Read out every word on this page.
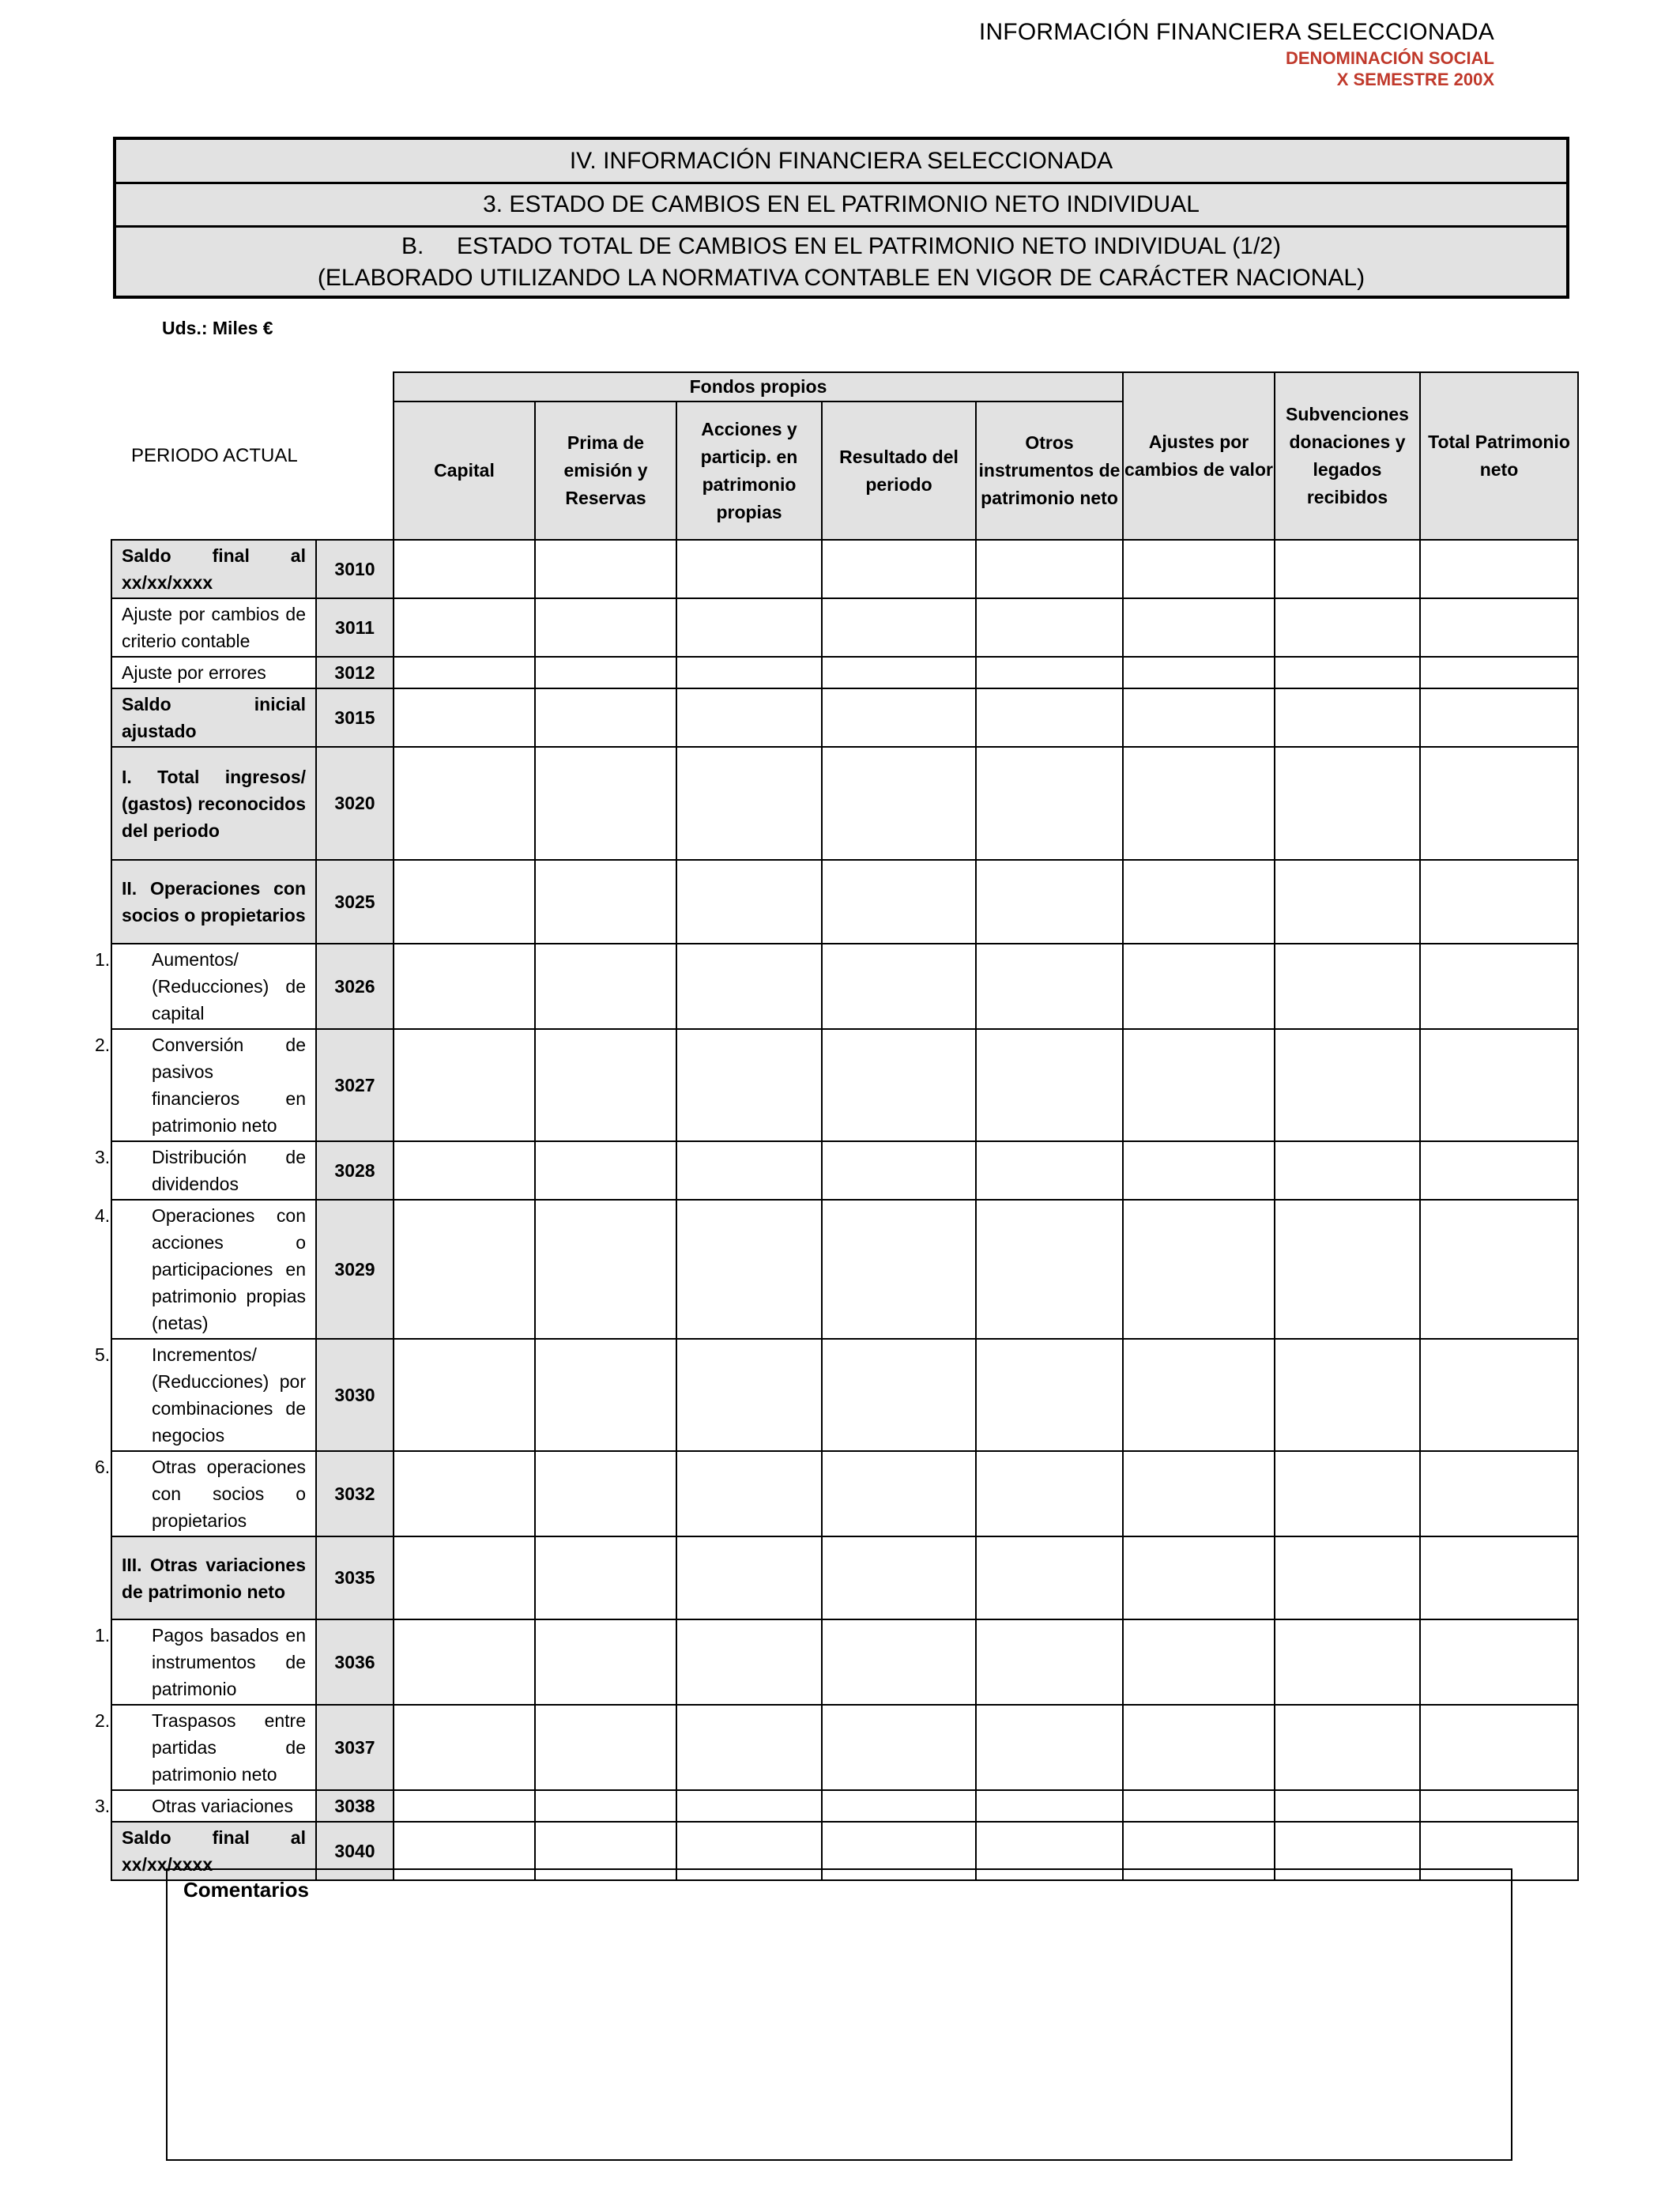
INFORMACIÓN FINANCIERA SELECCIONADA
DENOMINACIÓN SOCIAL
X SEMESTRE 200X
IV. INFORMACIÓN FINANCIERA SELECCIONADA
3. ESTADO DE CAMBIOS EN EL PATRIMONIO NETO INDIVIDUAL
B. ESTADO TOTAL DE CAMBIOS EN EL PATRIMONIO NETO INDIVIDUAL (1/2)
(ELABORADO UTILIZANDO LA NORMATIVA CONTABLE EN VIGOR DE CARÁCTER NACIONAL)
Uds.: Miles €
PERIODO ACTUAL		Fondos propios					Ajustes por cambios de valor	Subvenciones donaciones y legados recibidos	Total Patrimonio neto
		Capital	Prima de emisión y Reservas	Acciones y particip. en patrimonio propias	Resultado del periodo	Otros instrumentos de patrimonio neto			
Saldo final al xx/xx/xxxx	3010								
Ajuste por cambios de criterio contable	3011								
Ajuste por errores	3012								
Saldo inicial ajustado	3015								
I. Total ingresos/ (gastos) reconocidos del periodo	3020								
II. Operaciones con socios o propietarios	3025								
1. Aumentos/ (Reducciones) de capital	3026								
2. Conversión de pasivos financieros en patrimonio neto	3027								
3. Distribución de dividendos	3028								
4. Operaciones con acciones o participaciones en patrimonio propias (netas)	3029								
5. Incrementos/ (Reducciones) por combinaciones de negocios	3030								
6. Otras operaciones con socios o propietarios	3032								
III. Otras variaciones de patrimonio neto	3035								
1. Pagos basados en instrumentos de patrimonio	3036								
2. Traspasos entre partidas de patrimonio neto	3037								
3. Otras variaciones	3038								
Saldo final al xx/xx/xxxx	3040								
Comentarios
